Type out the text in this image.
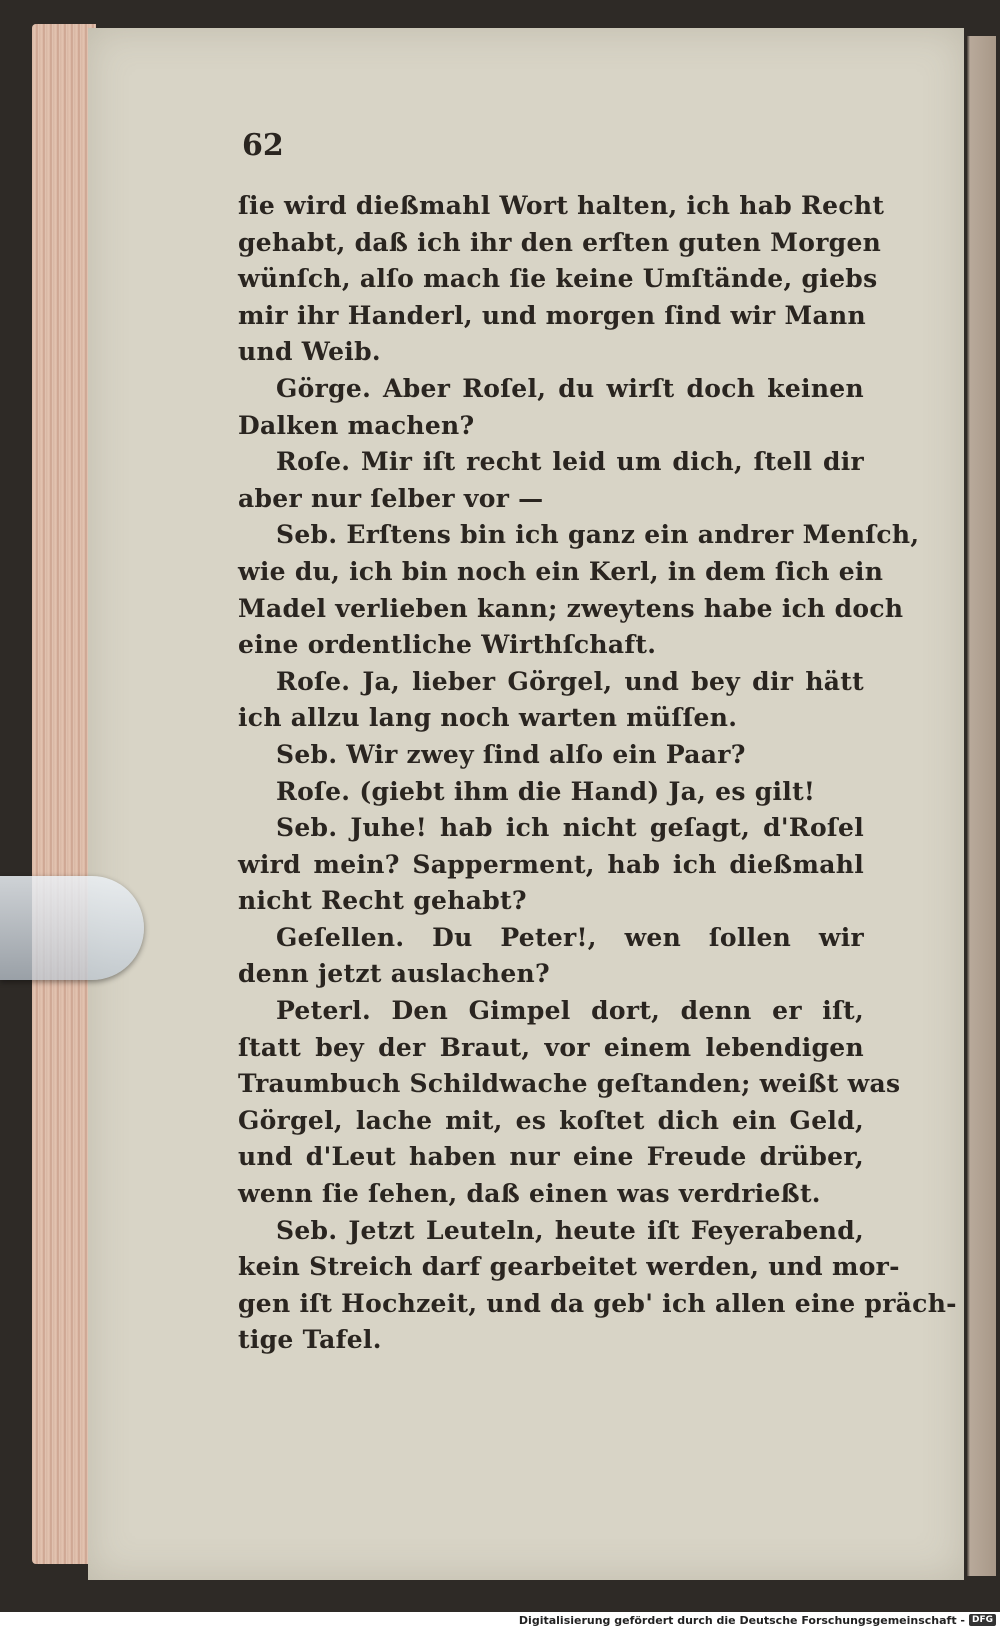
62
ſie wird dießmahl Wort halten, ich hab Recht
gehabt, daß ich ihr den erſten guten Morgen
wünſch, alſo mach ſie keine Umſtände, giebs
mir ihr Handerl, und morgen ſind wir Mann
und Weib.
Görge. Aber Roſel, du wirſt doch keinen
Dalken machen?
Roſe. Mir iſt recht leid um dich, ſtell dir
aber nur ſelber vor —
Seb. Erſtens bin ich ganz ein andrer Menſch,
wie du, ich bin noch ein Kerl, in dem ſich ein
Madel verlieben kann; zweytens habe ich doch
eine ordentliche Wirthſchaft.
Roſe. Ja, lieber Görgel, und bey dir hätt
ich allzu lang noch warten müſſen.
Seb. Wir zwey ſind alſo ein Paar?
Roſe. (giebt ihm die Hand) Ja, es gilt!
Seb. Juhe! hab ich nicht geſagt, d'Roſel
wird mein? Sapperment, hab ich dießmahl
nicht Recht gehabt?
Geſellen. Du Peter!, wen ſollen wir
denn jetzt auslachen?
Peterl. Den Gimpel dort, denn er iſt,
ſtatt bey der Braut, vor einem lebendigen
Traumbuch Schildwache geſtanden; weißt was
Görgel, lache mit, es koſtet dich ein Geld,
und d'Leut haben nur eine Freude drüber,
wenn ſie ſehen, daß einen was verdrießt.
Seb. Jetzt Leuteln, heute iſt Feyerabend,
kein Streich darf gearbeitet werden, und mor-
gen iſt Hochzeit, und da geb' ich allen eine präch-
tige Tafel.
Digitalisierung gefördert durch die Deutsche Forschungsgemeinschaft - DFG
